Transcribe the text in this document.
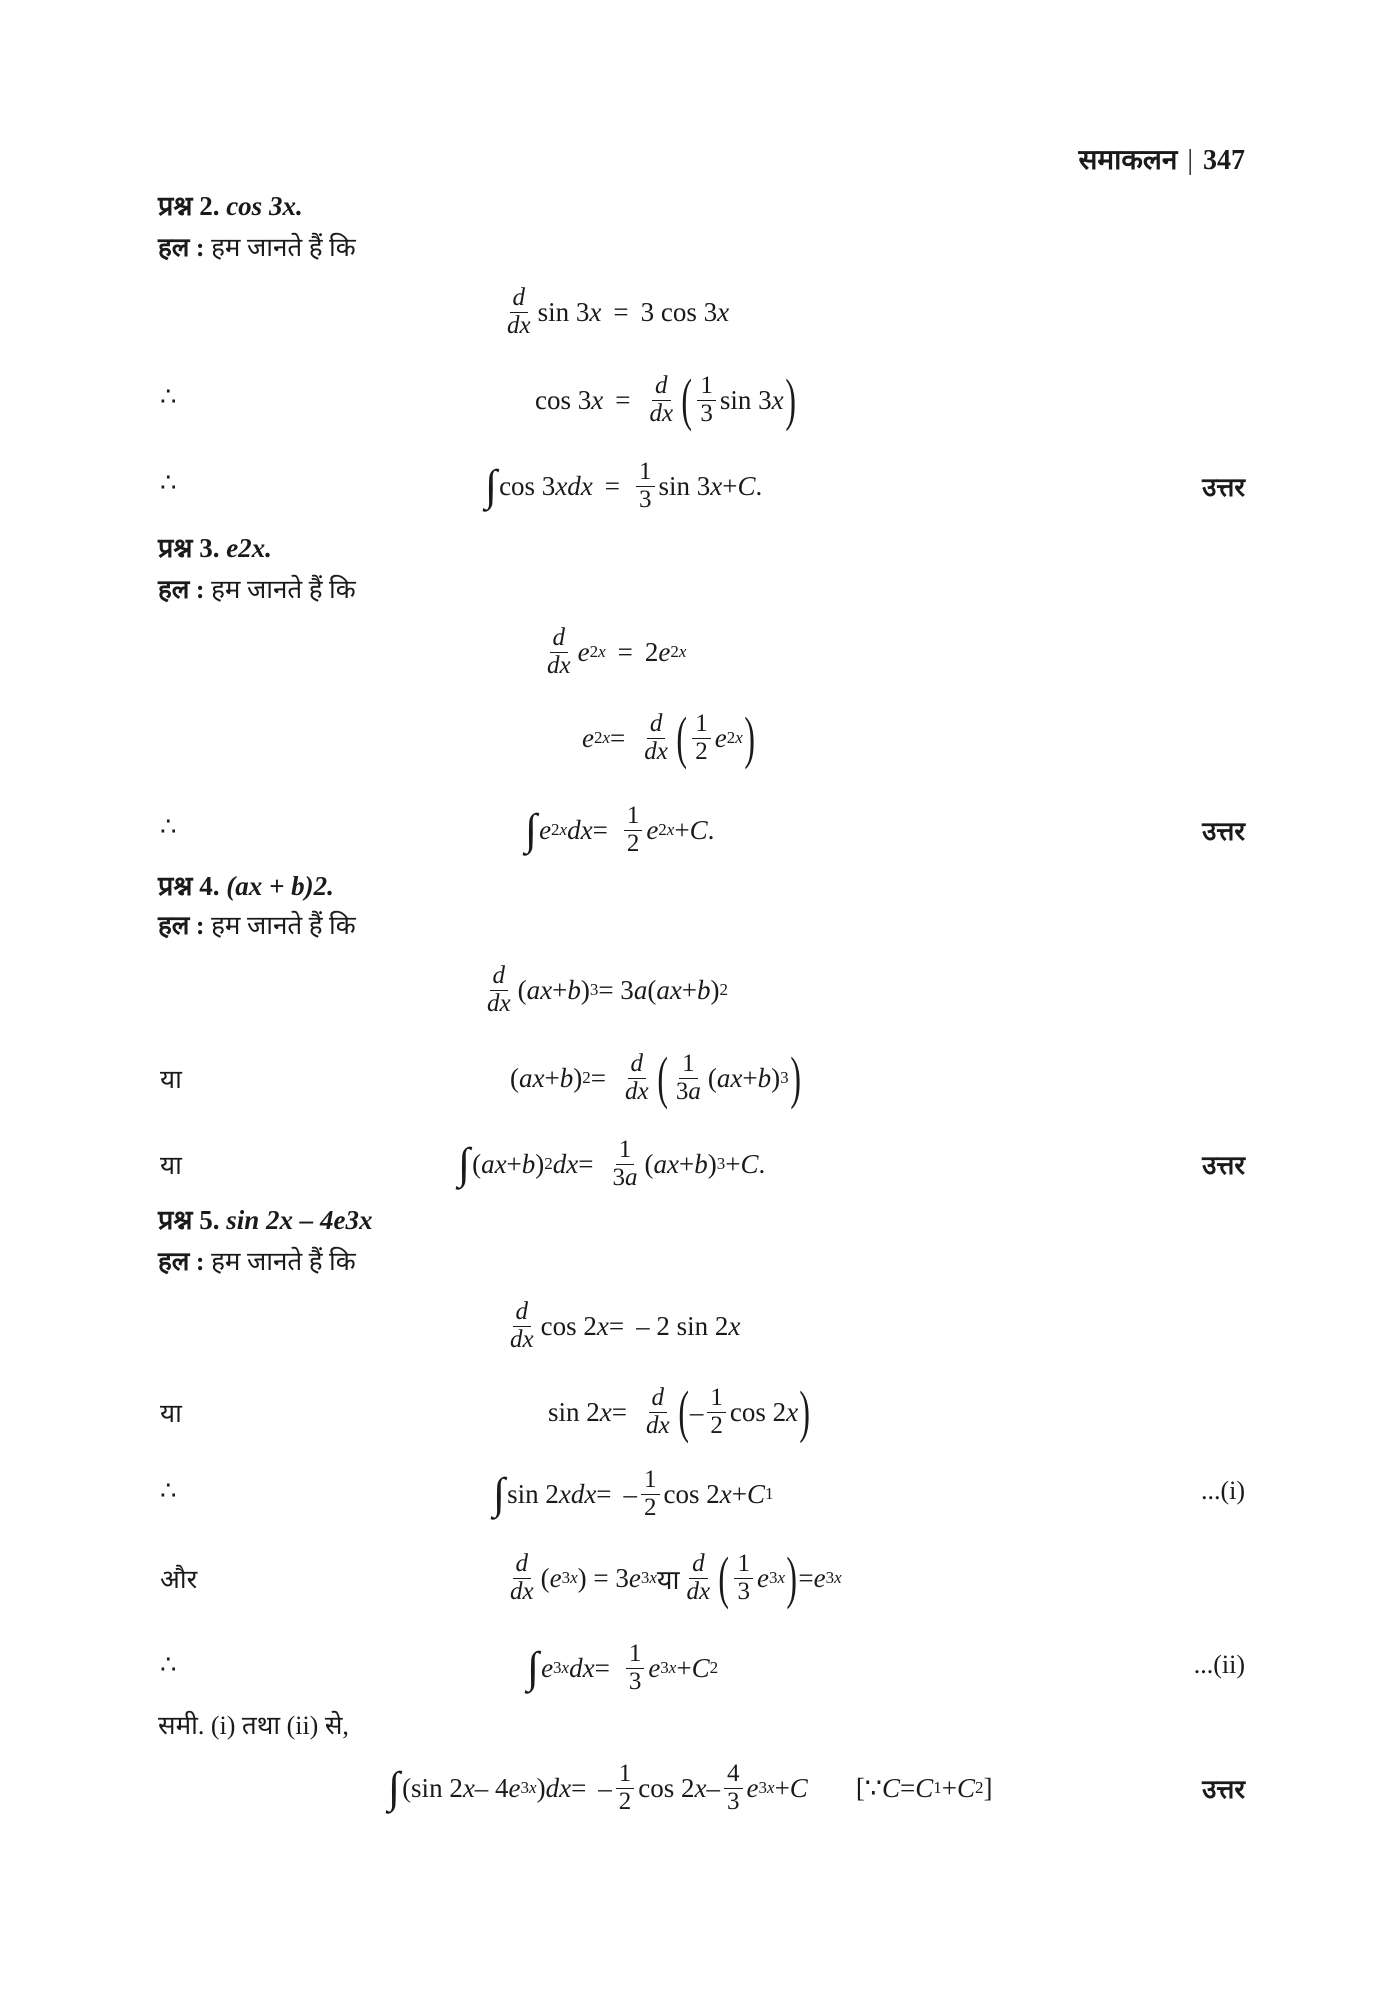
समाकलन | 347
प्रश्न 2. cos 3x.
हल : हम जानते हैं कि
$\frac{d}{dx}$ sin 3 x = 3 cos 3 x
∴	cos 3 $x = \frac{d}{dx}$ ( $\frac{1}{3}$ sin 3 x )
∴	∫ cos 3 x dx = $\frac{1}{3}$ sin 3 x + C .	उत्तर
प्रश्न 3. e2x.
हल : हम जानते हैं कि
$\frac{d}{dx}$ e 2x = 2 e 2x
e $2x = \frac{d}{dx}$ ( $\frac{1}{2}$ e 2x )
∴	∫ e 2x dx = $\frac{1}{2}$ e 2x + C .	उत्तर
प्रश्न 4. (ax + b)2.
हल : हम जानते हैं कि
$\frac{d}{dx}$ ( ax + b ) 3 = 3 a ( ax + b ) 2
या	( ax + b ) $2 = \frac{d}{dx}$ ( $\frac{1}{3a}$ ( ax + b ) 3 )
या	∫ ( ax + b ) 2 dx = $\frac{1}{3a}$ ( ax + b ) 3 + C .	उत्तर
प्रश्न 5. sin 2x – 4e3x
हल : हम जानते हैं कि
$\frac{d}{dx}$ cos 2 x = – 2 sin 2 x
या	sin 2 $x = \frac{d}{dx}$ ( – $\frac{1}{2}$ cos 2 x )
∴	∫ sin 2 x dx = – $\frac{1}{2}$ cos 2 x + C 1	...(i)
और	$\frac{d}{dx}$ ( e 3x ) = 3 e 3x या $\frac{d}{dx}$ ( $\frac{1}{3}$ e 3x ) = e 3x
∴	∫ e 3x dx = $\frac{1}{3}$ e 3x + C 2	...(ii)
समी. (i) तथा (ii) से,
∫ (sin 2 x – 4 e 3x ) dx = – $\frac{1}{2}$ cos 2 x – $\frac{4}{3}$ e 3x + C [∵ C = C 1 + C 2 ]	उत्तर
